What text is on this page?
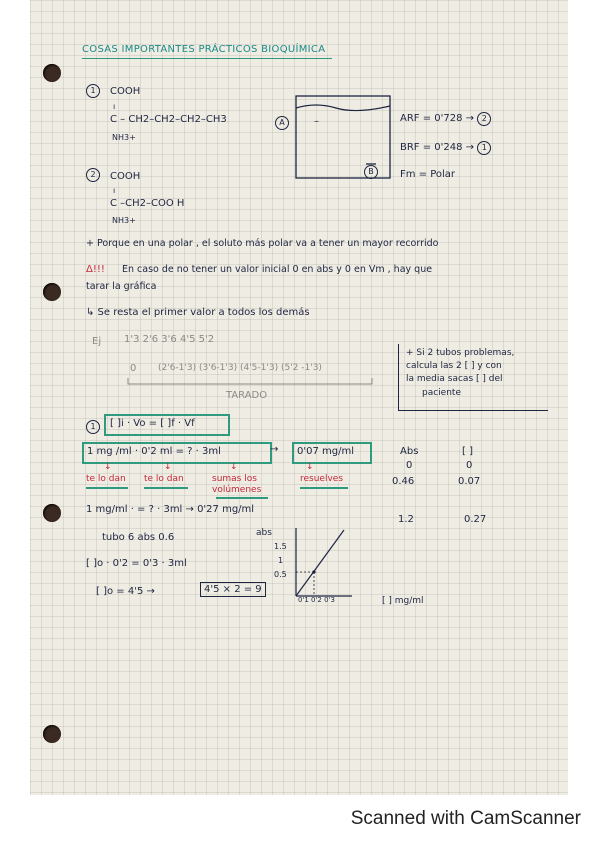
COSAS IMPORTANTES PRÁCTICOS BIOQUÍMICA
1	COOH
ı
C – CH2–CH2–CH2–CH3
NH3+
2	COOH
ı
C –CH2–COO H
NH3+
A	–
B
ARF = 0'728 → 2
BRF = 0'248 → 1
Fm = Polar
+ Porque en una polar , el soluto más polar va a tener un mayor recorrido
Δ!!! En caso de no tener un valor inicial 0 en abs y 0 en Vm , hay que
tarar la gráfica
↳ Se resta el primer valor a todos los demás
Ej 1'3 2'6 3'6 4'5 5'2
0 (2'6-1'3) (3'6-1'3) (4'5-1'3) (5'2 -1'3)
TARADO
+ Si 2 tubos problemas,
calcula las 2 [ ] y con
la media sacas [ ] del
paciente
1	[ ]i · Vo = [ ]f · Vf
1 mg /ml · 0'2 ml = ? · 3ml	→ 0'07 mg/ml
↓	↓	↓	↓
te lo dan te lo dan	sumas los volúmenes
resuelves
1 mg/ml · = ? · 3ml → 0'27 mg/ml
tubo 6 abs 0.6
[ ]o · 0'2 = 0'3 · 3ml
[ ]o = 4'5 →	4'5 × 2 = 9
Abs	[ ]
0	0
0.46	0.07
1.2	0.27
abs
1.5
1
0.5
0'1 0'2 0'3	[ ] mg/ml
Scanned with CamScanner
